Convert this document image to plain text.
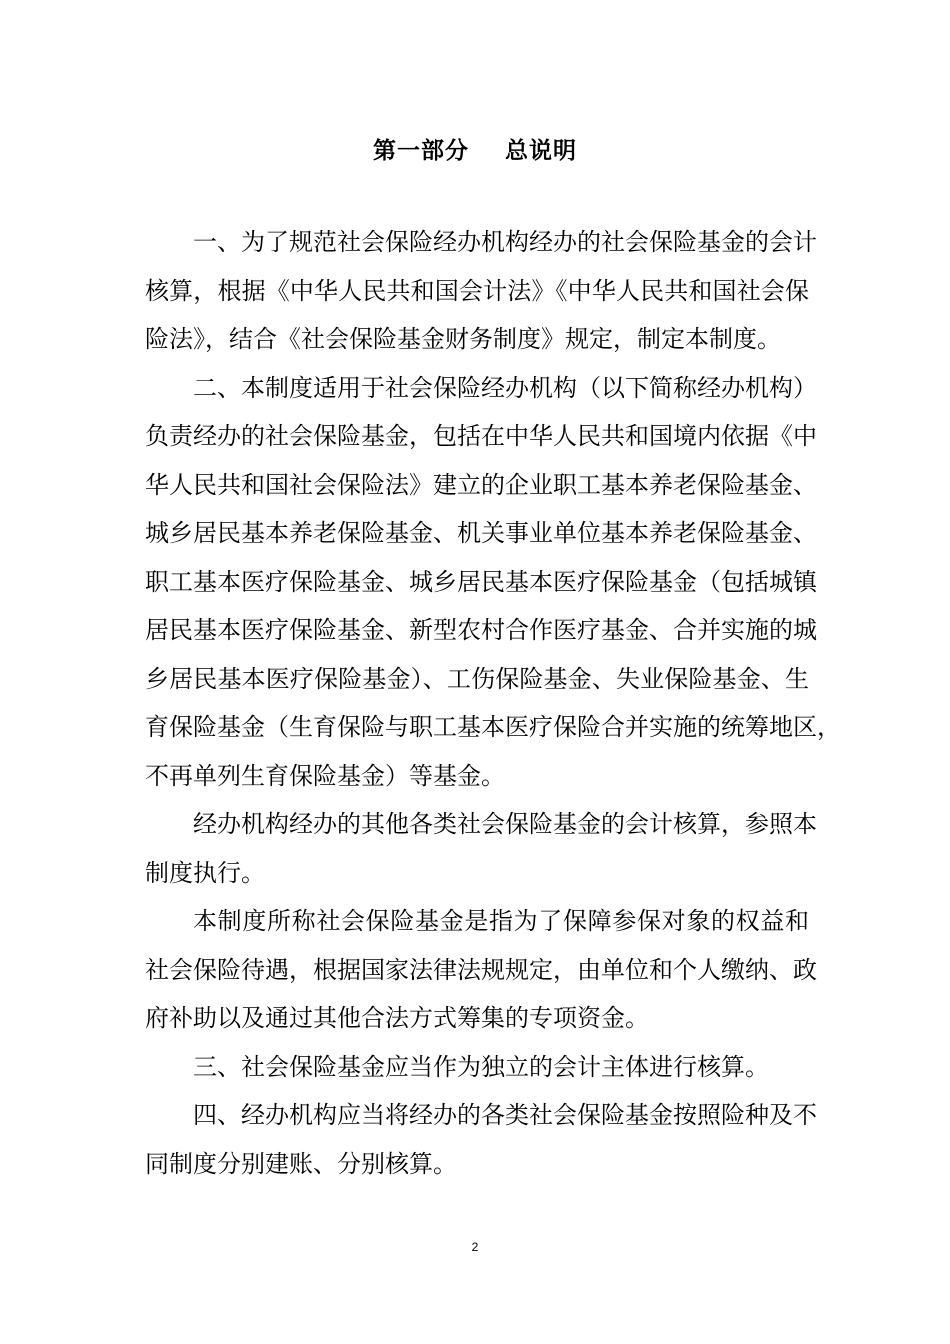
第一部分    总说明
一、为了规范社会保险经办机构经办的社会保险基金的会计
核算，根据《中华人民共和国会计法》《中华人民共和国社会保
险法》，结合《社会保险基金财务制度》规定，制定本制度。
二、本制度适用于社会保险经办机构（以下简称经办机构）
负责经办的社会保险基金，包括在中华人民共和国境内依据《中
华人民共和国社会保险法》建立的企业职工基本养老保险基金、
城乡居民基本养老保险基金、机关事业单位基本养老保险基金、
职工基本医疗保险基金、城乡居民基本医疗保险基金（包括城镇
居民基本医疗保险基金、新型农村合作医疗基金、合并实施的城
乡居民基本医疗保险基金）、工伤保险基金、失业保险基金、生
育保险基金（生育保险与职工基本医疗保险合并实施的统筹地区，
不再单列生育保险基金）等基金。
经办机构经办的其他各类社会保险基金的会计核算，参照本
制度执行。
本制度所称社会保险基金是指为了保障参保对象的权益和
社会保险待遇，根据国家法律法规规定，由单位和个人缴纳、政
府补助以及通过其他合法方式筹集的专项资金。
三、社会保险基金应当作为独立的会计主体进行核算。
四、经办机构应当将经办的各类社会保险基金按照险种及不
同制度分别建账、分别核算。
2
